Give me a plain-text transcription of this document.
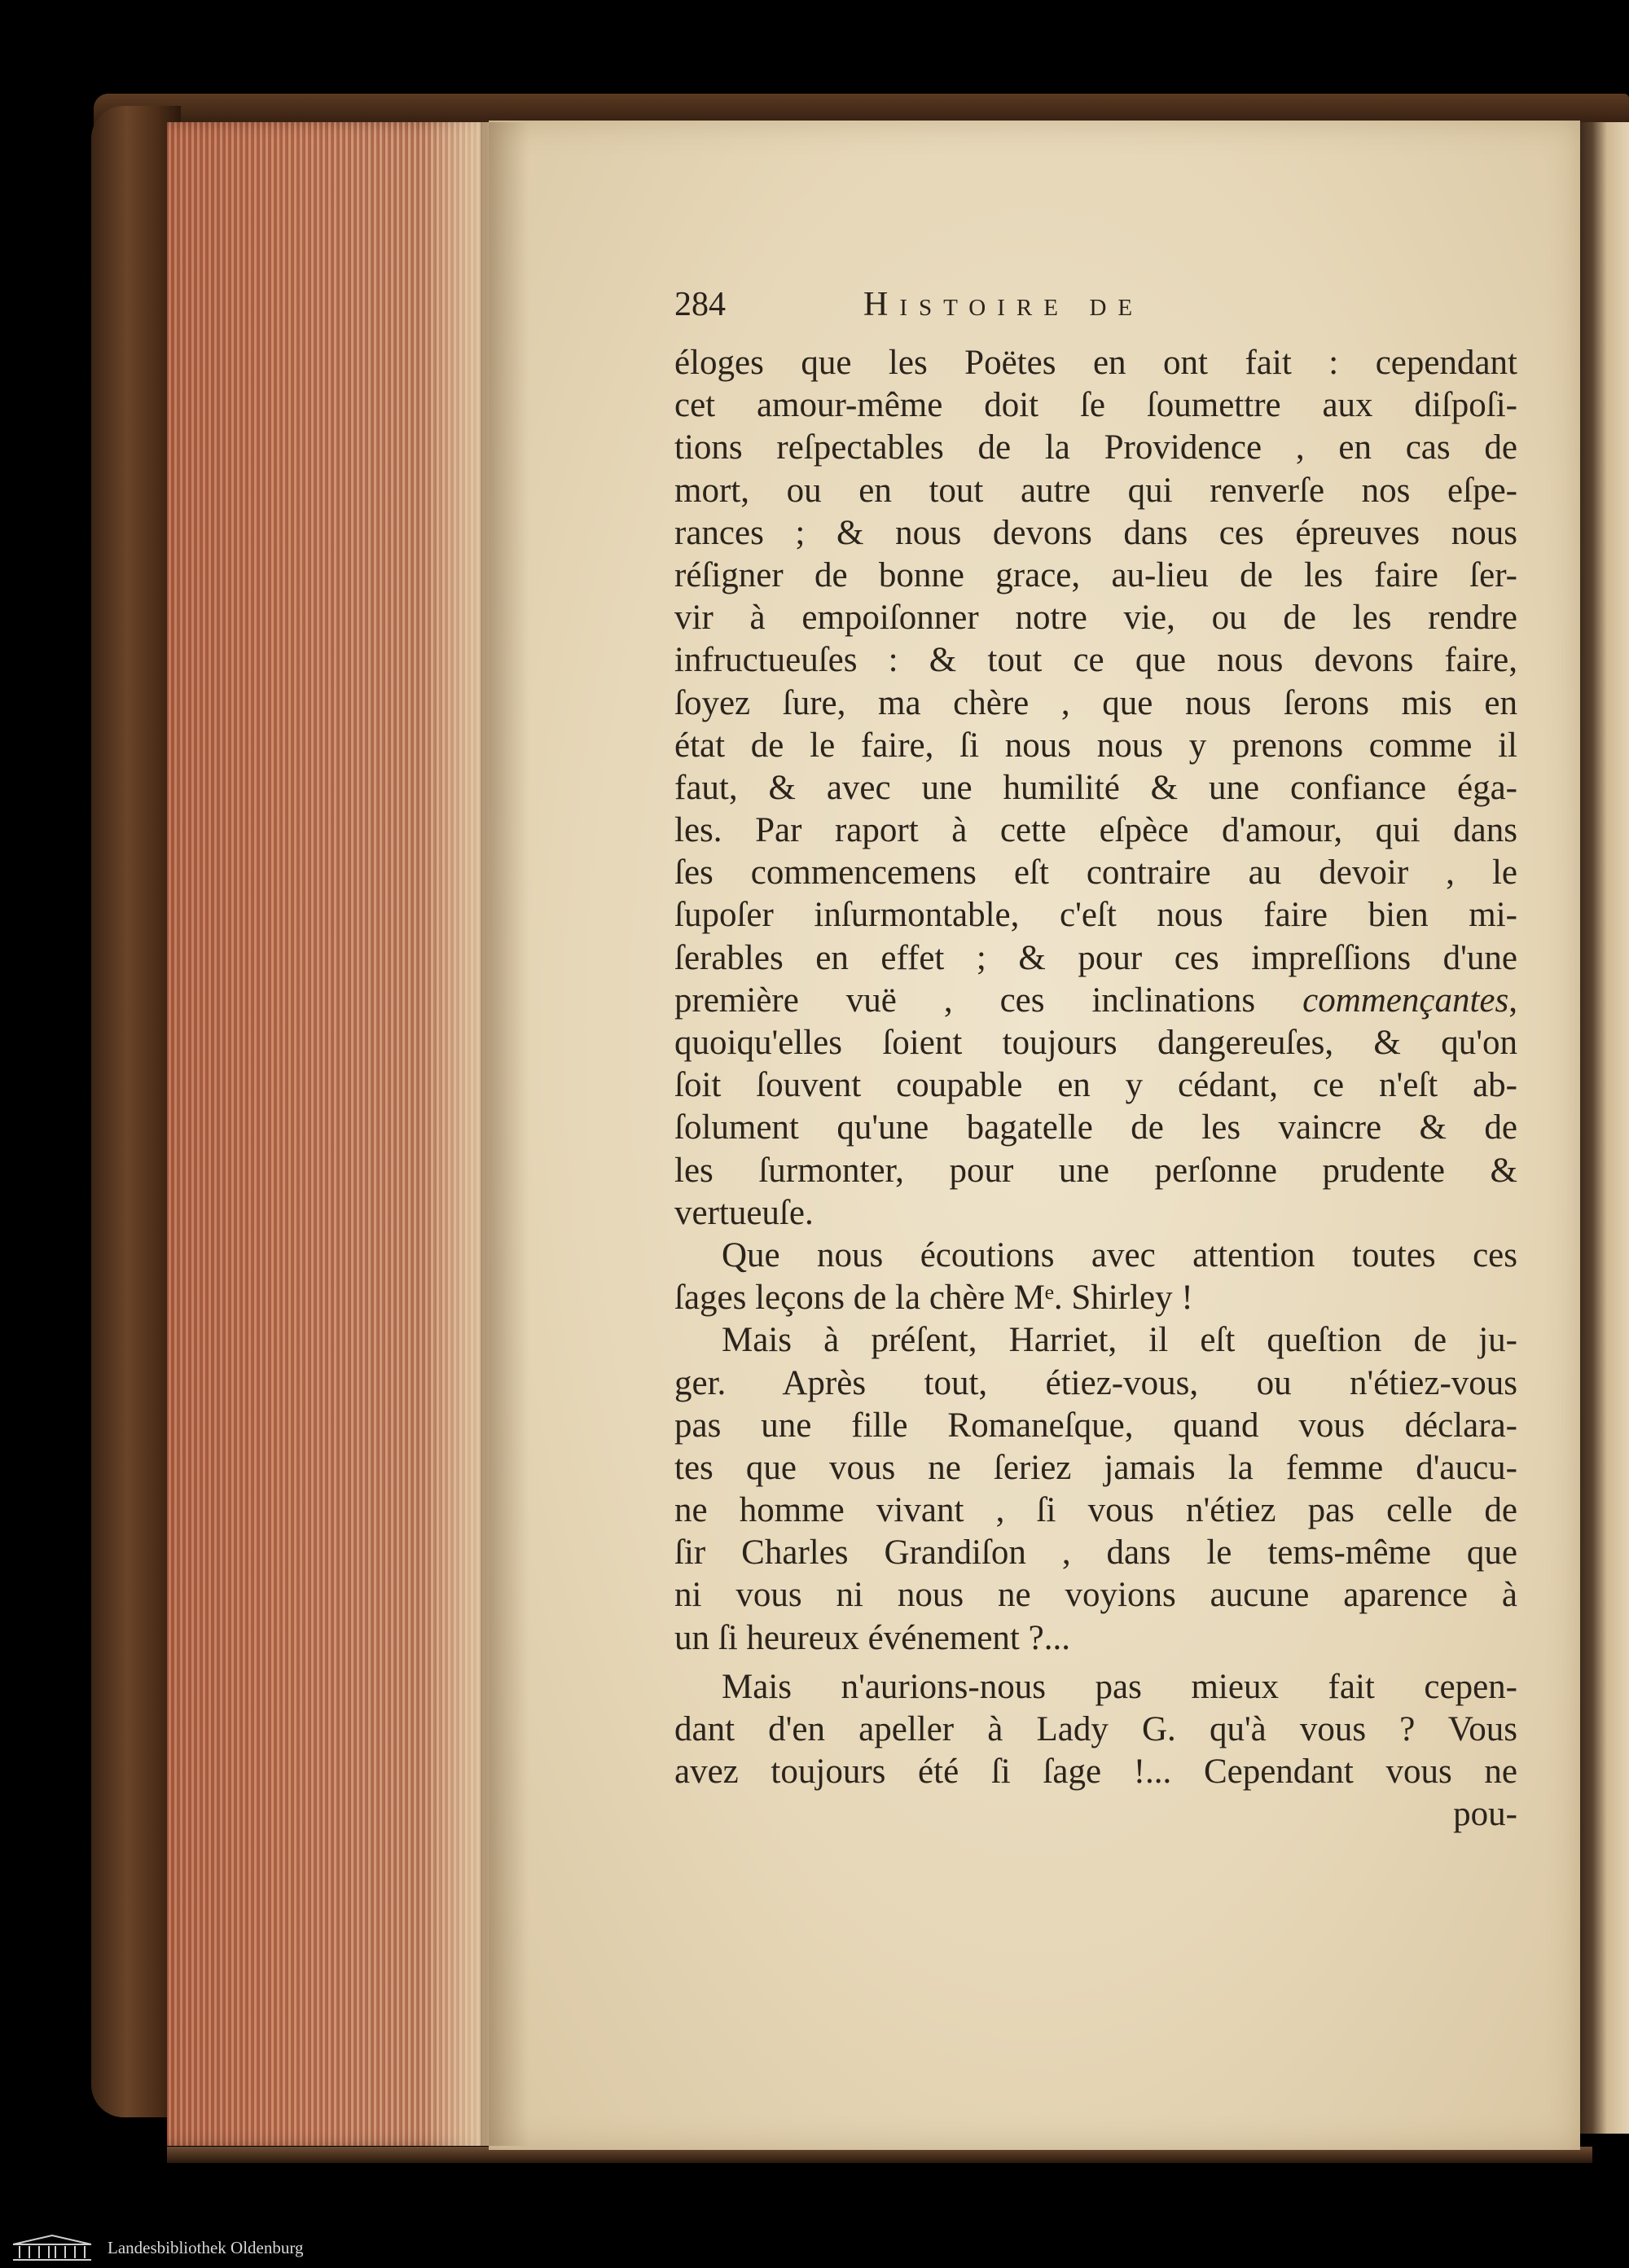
284	Histoire de
éloges que les Poëtes en ont fait : cependant
cet amour-même doit ſe ſoumettre aux diſpoſi-
tions reſpectables de la Providence , en cas de
mort, ou en tout autre qui renverſe nos eſpe-
rances ; & nous devons dans ces épreuves nous
réſigner de bonne grace, au-lieu de les faire ſer-
vir à empoiſonner notre vie, ou de les rendre
infructueuſes : & tout ce que nous devons faire,
ſoyez ſure, ma chère , que nous ſerons mis en
état de le faire, ſi nous nous y prenons comme il
faut, & avec une humilité & une confiance éga-
les. Par raport à cette eſpèce d'amour, qui dans
ſes commencemens eſt contraire au devoir , le
ſupoſer inſurmontable, c'eſt nous faire bien mi-
ſerables en effet ; & pour ces impreſſions d'une
première vuë , ces inclinations commençantes,
quoiqu'elles ſoient toujours dangereuſes, & qu'on
ſoit ſouvent coupable en y cédant, ce n'eſt ab-
ſolument qu'une bagatelle de les vaincre & de
les ſurmonter, pour une perſonne prudente &
vertueuſe.
Que nous écoutions avec attention toutes ces
ſages leçons de la chère Mᵉ. Shirley !
Mais à préſent, Harriet, il eſt queſtion de ju-
ger. Après tout, étiez-vous, ou n'étiez-vous
pas une fille Romaneſque, quand vous déclara-
tes que vous ne ſeriez jamais la femme d'aucu-
ne homme vivant , ſi vous n'étiez pas celle de
ſir Charles Grandiſon , dans le tems-même que
ni vous ni nous ne voyions aucune aparence à
un ſi heureux événement ?...
Mais n'aurions-nous pas mieux fait cepen-
dant d'en apeller à Lady G. qu'à vous ? Vous
avez toujours été ſi ſage !... Cependant vous ne
pou-
Landesbibliothek Oldenburg
